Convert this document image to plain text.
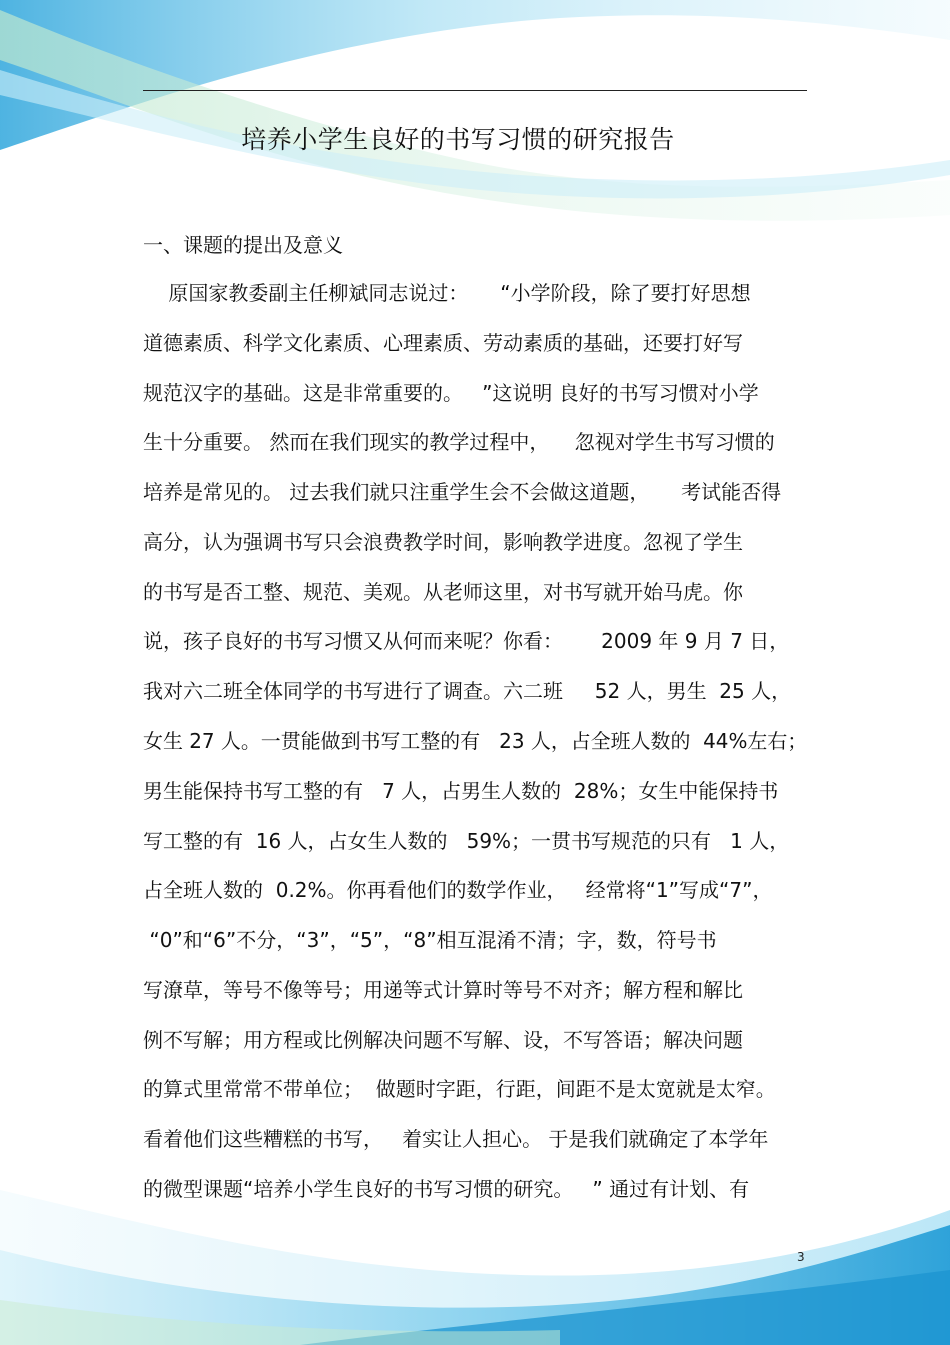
培养小学生良好的书写习惯的研究报告
一、课题的提出及意义
原国家教委副主任柳斌同志说过：     “小学阶段，除了要打好思想
道德素质、科学文化素质、心理素质、劳动素质的基础，还要打好写
规范汉字的基础。这是非常重要的。   ”这说明 良好的书写习惯对小学
生十分重要。 然而在我们现实的教学过程中，    忽视对学生书写习惯的
培养是常见的。 过去我们就只注重学生会不会做这道题，     考试能否得
高分，认为强调书写只会浪费教学时间，影响教学进度。忽视了学生
的书写是否工整、规范、美观。从老师这里，对书写就开始马虎。你
说，孩子良好的书写习惯又从何而来呢？你看：      2009 年 9 月 7 日，
我对六二班全体同学的书写进行了调查。六二班     52 人，男生  25 人，
女生 27 人。一贯能做到书写工整的有   23 人，占全班人数的  44%左右；
男生能保持书写工整的有   7 人，占男生人数的  28%；女生中能保持书
写工整的有  16 人，占女生人数的   59%；一贯书写规范的只有   1 人，
占全班人数的  0.2%。你再看他们的数学作业，   经常将“1”写成“7”，
“0”和“6”不分，“3”，“5”，“8”相互混淆不清；字，数，符号书
写潦草，等号不像等号；用递等式计算时等号不对齐；解方程和解比
例不写解；用方程或比例解决问题不写解、设，不写答语；解决问题
的算式里常常不带单位；  做题时字距，行距，间距不是太宽就是太窄。
看着他们这些糟糕的书写，   着实让人担心。 于是我们就确定了本学年
的微型课题“培养小学生良好的书写习惯的研究。   ” 通过有计划、有
3
